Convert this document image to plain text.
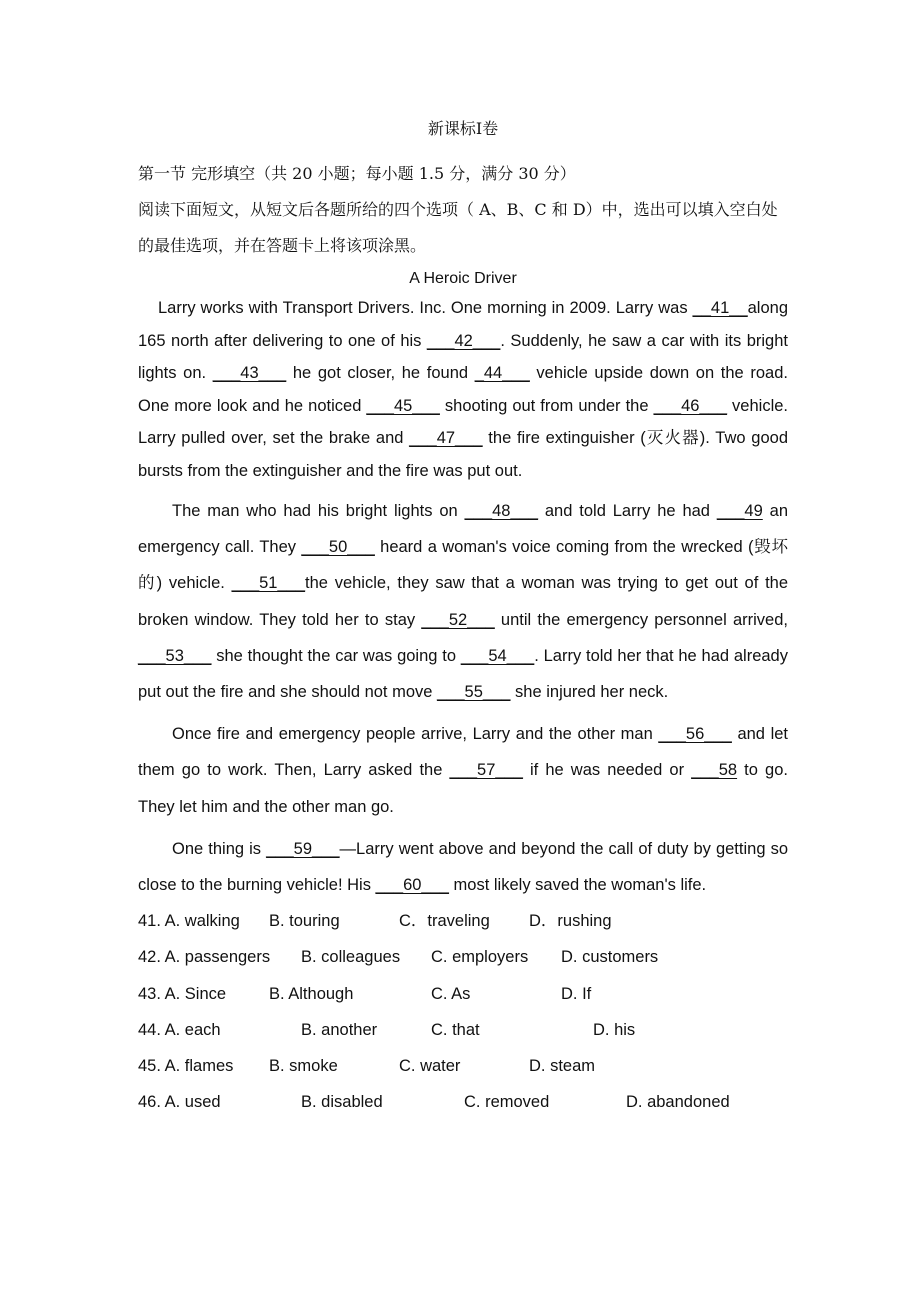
新课标Ⅰ卷

第一节 完形填空（共 20 小题；每小题 1.5 分，满分 30 分）

阅读下面短文，从短文后各题所给的四个选项（ A、B、C 和 D）中，选出可以填入空白处的最佳选项，并在答题卡上将该项涂黑。

A Heroic Driver

Larry works with Transport Drivers. Inc. One morning in 2009. Larry was __41__along 165 north after delivering to one of his ___42___. Suddenly, he saw a car with its bright lights on. ___43___ he got closer, he found _44___ vehicle upside down on the road. One more look and he noticed ___45___ shooting out from under the ___46___ vehicle. Larry pulled over, set the brake and ___47___ the fire extinguisher (灭火器). Two good bursts from the extinguisher and the fire was put out.

The man who had his bright lights on ___48___ and told Larry he had ___49 an emergency call. They ___50___ heard a woman's voice coming from the wrecked (毁坏的) vehicle. ___51___the vehicle, they saw that a woman was trying to get out of the broken window. They told her to stay ___52___ until the emergency personnel arrived, ___53___ she thought the car was going to ___54___. Larry told her that he had already put out the fire and she should not move ___55___ she injured her neck.

Once fire and emergency people arrive, Larry and the other man ___56___ and let them go to work. Then, Larry asked the ___57___ if he was needed or ___58 to go. They let him and the other man go.

One thing is ___59___—Larry went above and beyond the call of duty by getting so close to the burning vehicle! His ___60___ most likely saved the woman's life.

41. A. walking B. touring	C．traveling D．rushing
42. A. passengers B. colleagues C. employers D. customers
43. A. Since	B. Although	C. As	D. If
44. A. each	B. another	C. that	D. his
45. A. flames B. smoke	C. water	D. steam
46. A. used	B. disabled	C. removed	D. abandoned
